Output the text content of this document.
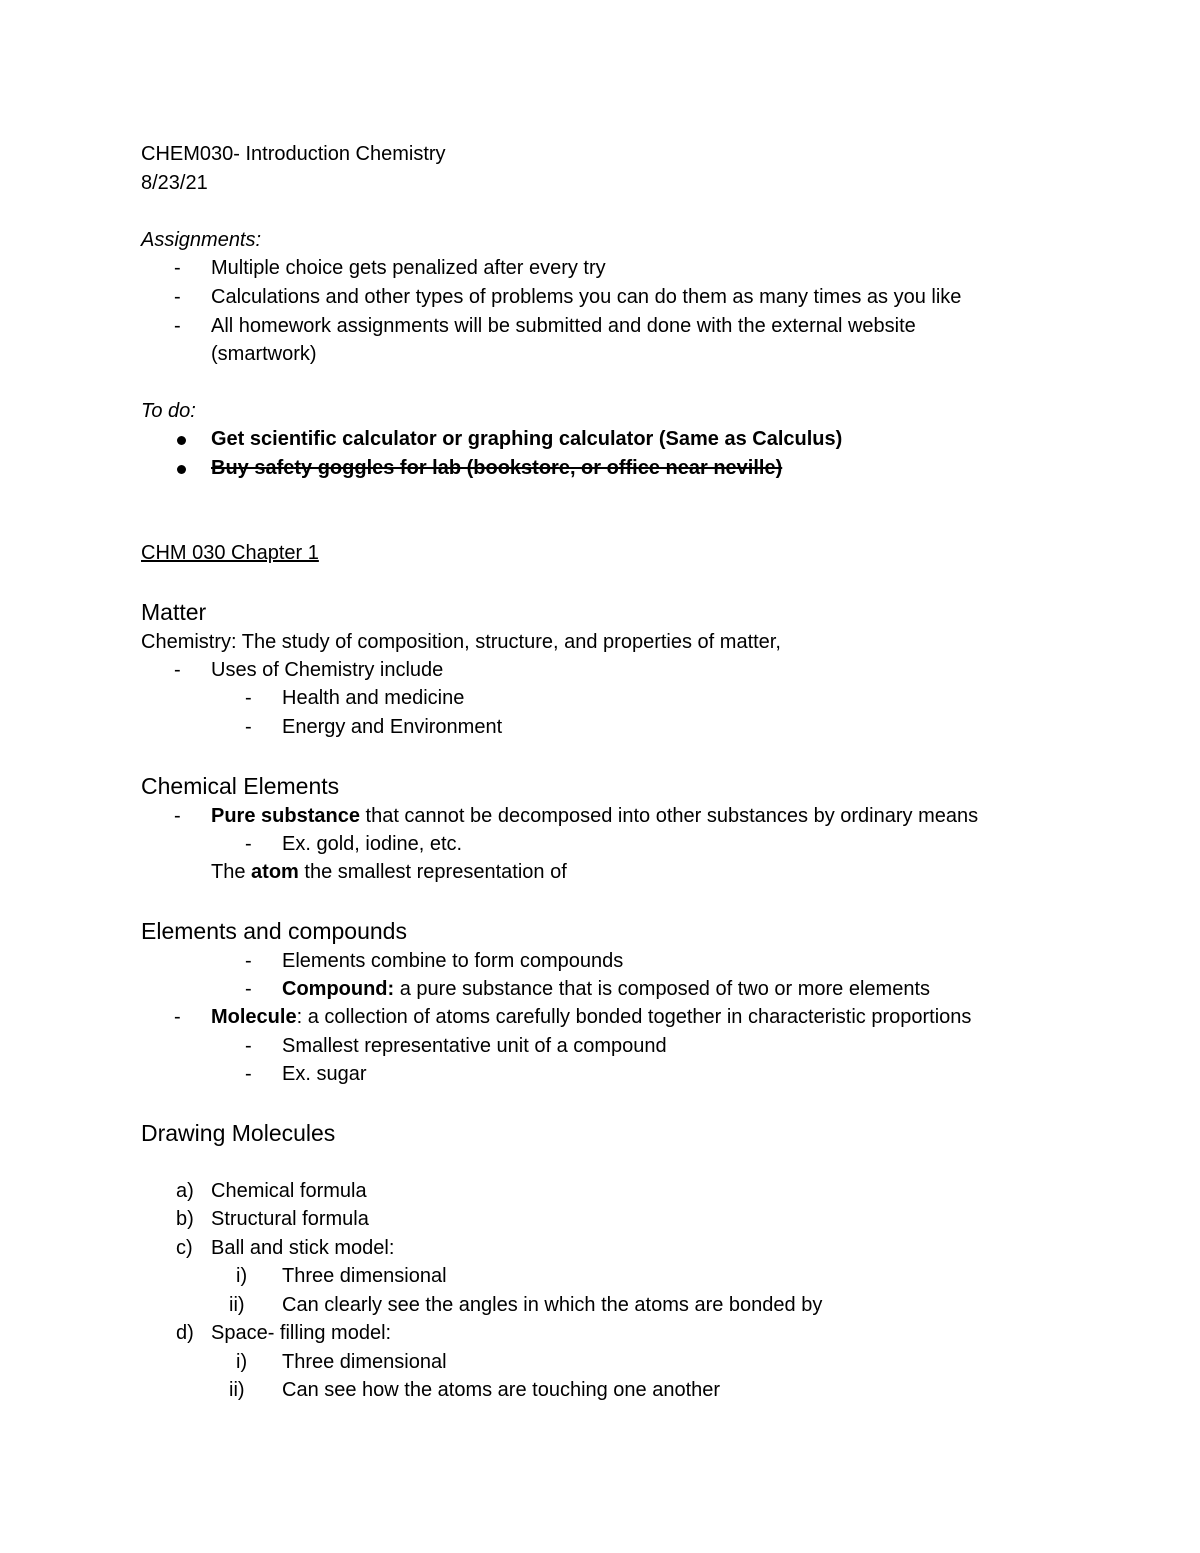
CHEM030- Introduction Chemistry
8/23/21
Assignments:
- Multiple choice gets penalized after every try
- Calculations and other types of problems you can do them as many times as you like
- All homework assignments will be submitted and done with the external website
(smartwork)
To do:
Get scientific calculator or graphing calculator (Same as Calculus)
Buy safety goggles for lab (bookstore, or office near neville)
CHM 030 Chapter 1
Matter
Chemistry: The study of composition, structure, and properties of matter,
- Uses of Chemistry include
- Health and medicine
- Energy and Environment
Chemical Elements
- Pure substance that cannot be decomposed into other substances by ordinary means
- Ex. gold, iodine, etc.
The atom the smallest representation of
Elements and compounds
- Elements combine to form compounds
- Compound: a pure substance that is composed of two or more elements
- Molecule: a collection of atoms carefully bonded together in characteristic proportions
- Smallest representative unit of a compound
- Ex. sugar
Drawing Molecules
a) Chemical formula
b) Structural formula
c) Ball and stick model:
i) Three dimensional
ii) Can clearly see the angles in which the atoms are bonded by
d) Space- filling model:
i) Three dimensional
ii) Can see how the atoms are touching one another
